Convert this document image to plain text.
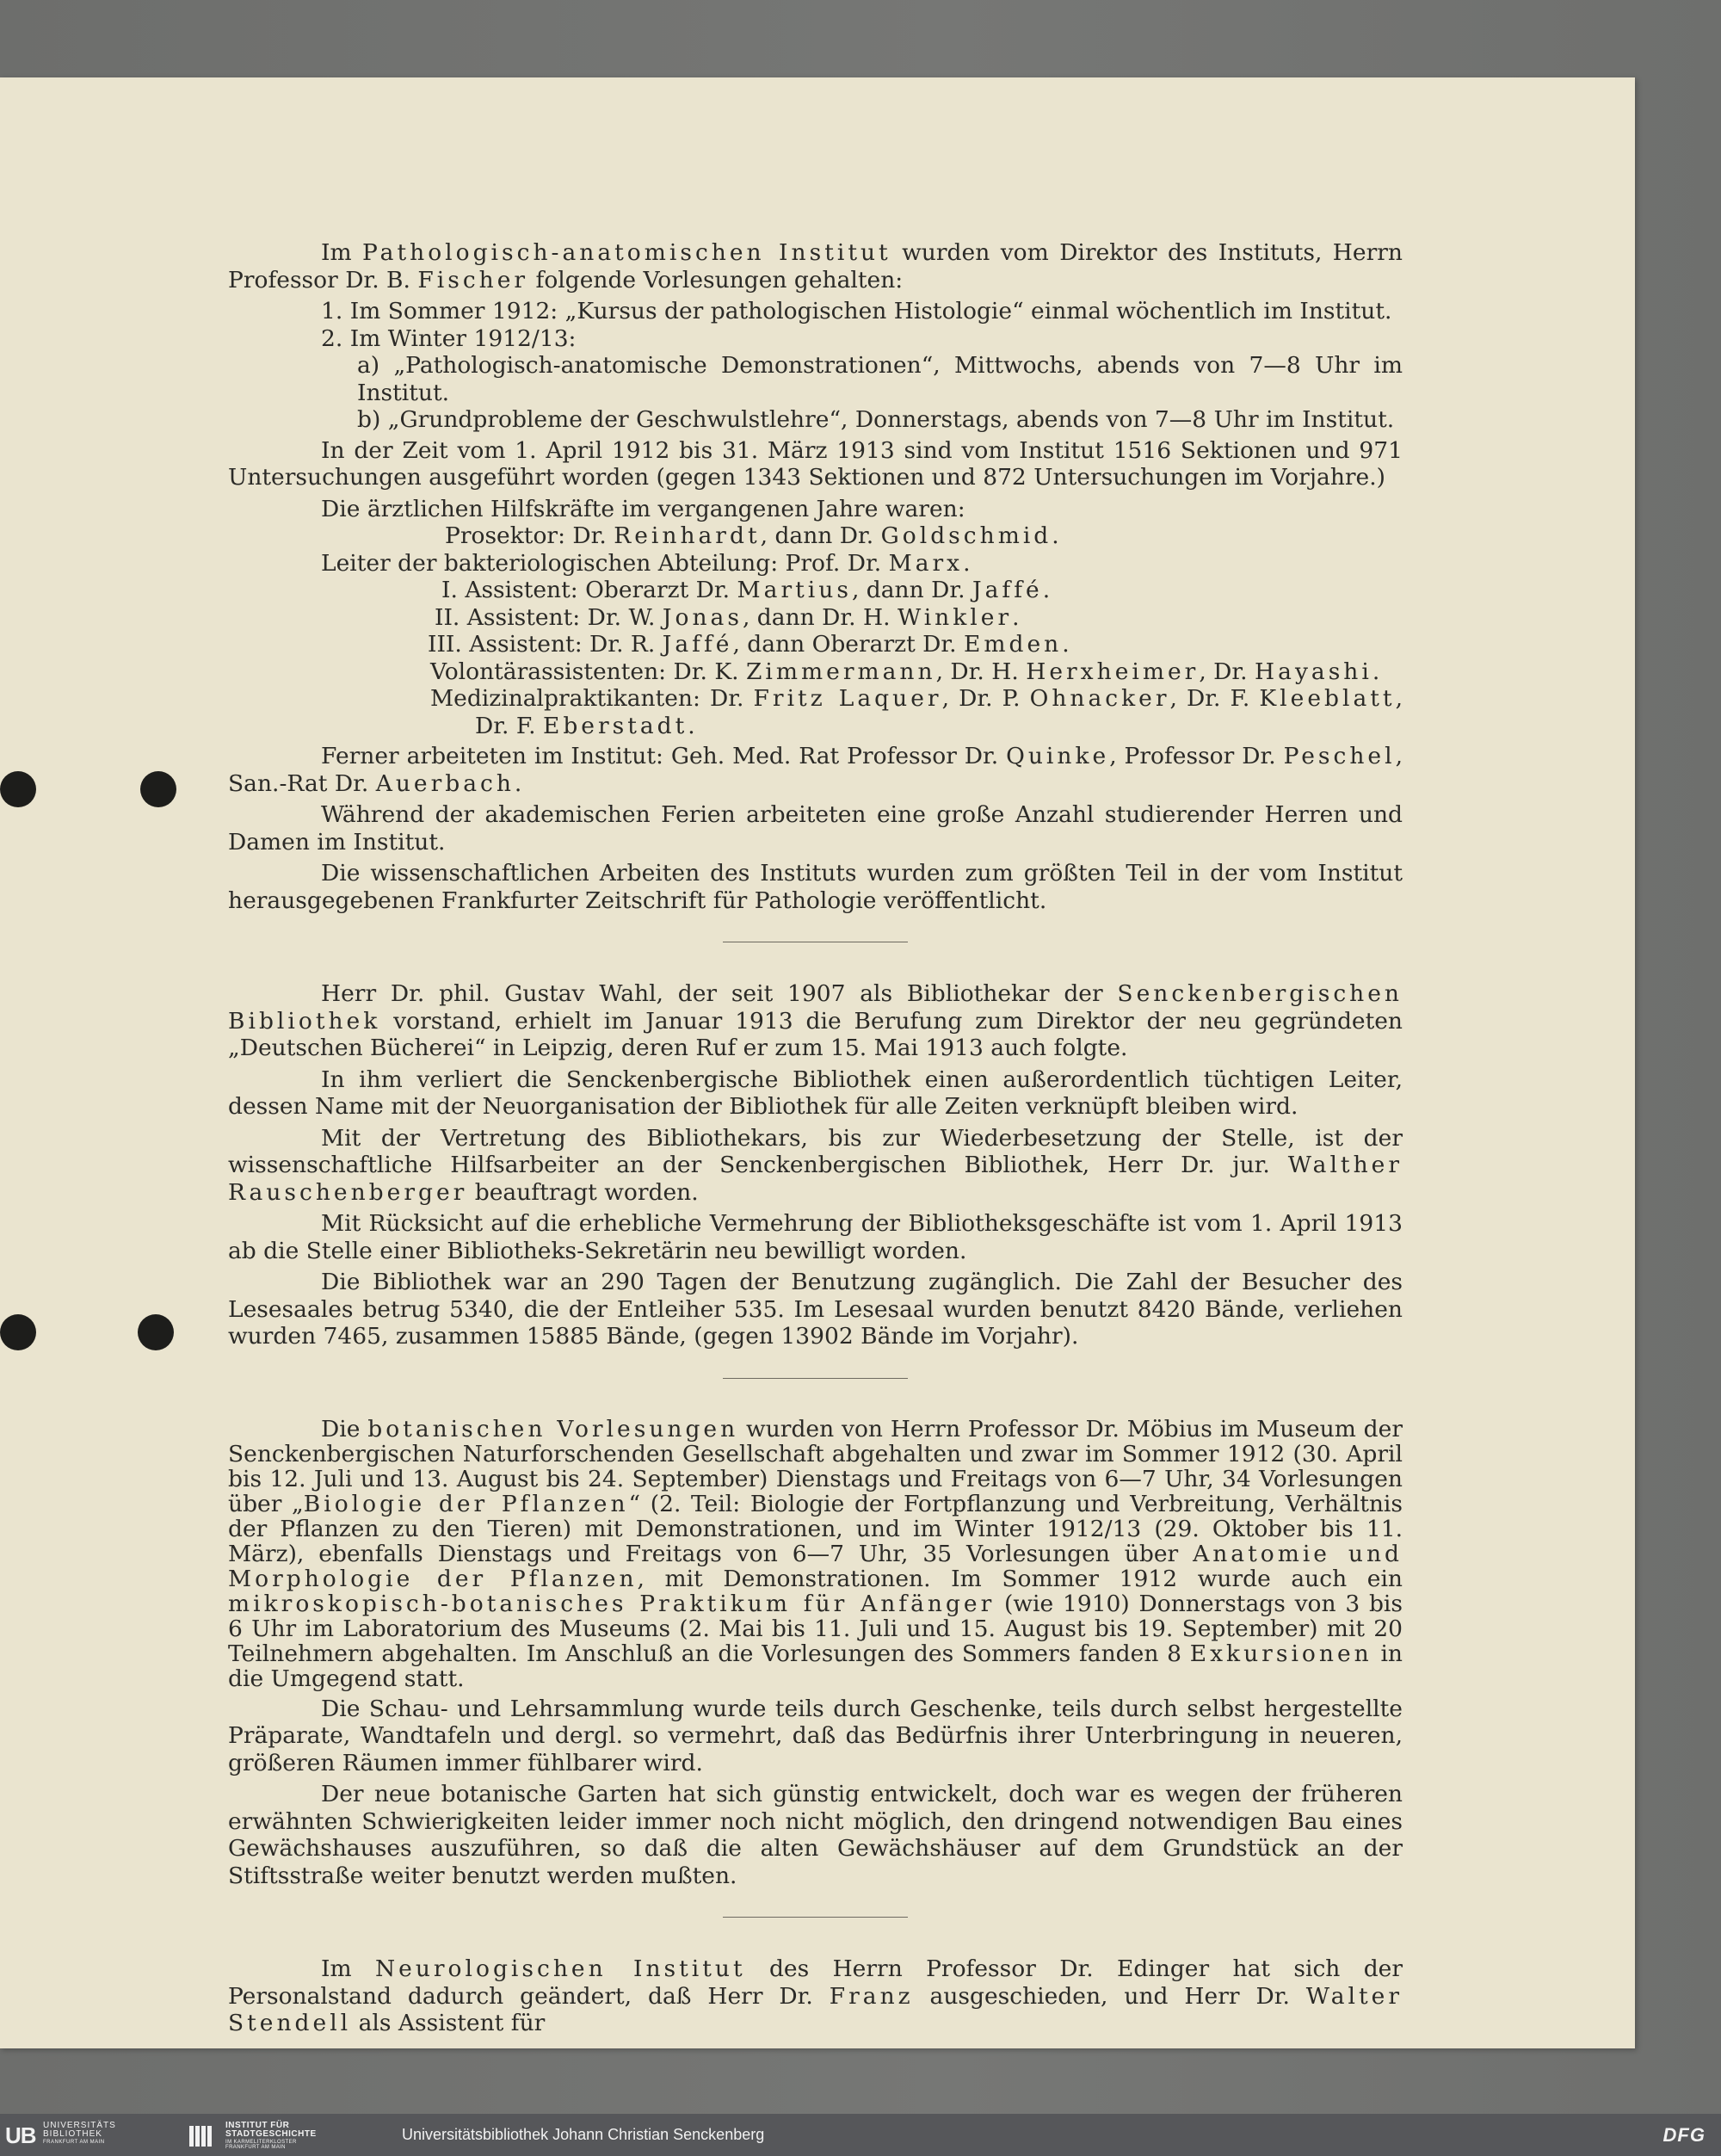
Im Pathologisch-anatomischen Institut wurden vom Direktor des Instituts, Herrn Professor Dr. B. Fischer folgende Vorlesungen gehalten:

1. Im Sommer 1912: „Kursus der pathologischen Histologie“ einmal wöchentlich im Institut.

2. Im Winter 1912/13:

a) „Pathologisch-anatomische Demonstrationen“, Mittwochs, abends von 7—8 Uhr im Institut.

b) „Grundprobleme der Geschwulstlehre“, Donnerstags, abends von 7—8 Uhr im Institut.

In der Zeit vom 1. April 1912 bis 31. März 1913 sind vom Institut 1516 Sektionen und 971 Untersuchungen ausgeführt worden (gegen 1343 Sektionen und 872 Untersuchungen im Vorjahre.)

Die ärztlichen Hilfskräfte im vergangenen Jahre waren:

Prosektor: Dr. Reinhardt, dann Dr. Goldschmid.

Leiter der bakteriologischen Abteilung: Prof. Dr. Marx.

I. Assistent: Oberarzt Dr. Martius, dann Dr. Jaffé.

II. Assistent: Dr. W. Jonas, dann Dr. H. Winkler.

III. Assistent: Dr. R. Jaffé, dann Oberarzt Dr. Emden.

Volontärassistenten: Dr. K. Zimmermann, Dr. H. Herxheimer, Dr. Hayashi.

Medizinalpraktikanten: Dr. Fritz Laquer, Dr. P. Ohnacker, Dr. F. Kleeblatt, Dr. F. Eberstadt.

Ferner arbeiteten im Institut: Geh. Med. Rat Professor Dr. Quinke, Professor Dr. Peschel, San.-Rat Dr. Auerbach.

Während der akademischen Ferien arbeiteten eine große Anzahl studierender Herren und Damen im Institut.

Die wissenschaftlichen Arbeiten des Instituts wurden zum größten Teil in der vom Institut herausgegebenen Frankfurter Zeitschrift für Pathologie veröffentlicht.

Herr Dr. phil. Gustav Wahl, der seit 1907 als Bibliothekar der Senckenbergischen Bibliothek vorstand, erhielt im Januar 1913 die Berufung zum Direktor der neu gegründeten „Deutschen Bücherei“ in Leipzig, deren Ruf er zum 15. Mai 1913 auch folgte.

In ihm verliert die Senckenbergische Bibliothek einen außerordentlich tüchtigen Leiter, dessen Name mit der Neuorganisation der Bibliothek für alle Zeiten verknüpft bleiben wird.

Mit der Vertretung des Bibliothekars, bis zur Wiederbesetzung der Stelle, ist der wissenschaftliche Hilfsarbeiter an der Senckenbergischen Bibliothek, Herr Dr. jur. Walther Rauschenberger beauftragt worden.

Mit Rücksicht auf die erhebliche Vermehrung der Bibliotheksgeschäfte ist vom 1. April 1913 ab die Stelle einer Bibliotheks-Sekretärin neu bewilligt worden.

Die Bibliothek war an 290 Tagen der Benutzung zugänglich. Die Zahl der Besucher des Lesesaales betrug 5340, die der Entleiher 535. Im Lesesaal wurden benutzt 8420 Bände, verliehen wurden 7465, zusammen 15885 Bände, (gegen 13902 Bände im Vorjahr).

Die botanischen Vorlesungen wurden von Herrn Professor Dr. Möbius im Museum der Senckenbergischen Naturforschenden Gesellschaft abgehalten und zwar im Sommer 1912 (30. April bis 12. Juli und 13. August bis 24. September) Dienstags und Freitags von 6—7 Uhr, 34 Vorlesungen über „Biologie der Pflanzen“ (2. Teil: Biologie der Fortpflanzung und Verbreitung, Verhältnis der Pflanzen zu den Tieren) mit Demonstrationen, und im Winter 1912/13 (29. Oktober bis 11. März), ebenfalls Dienstags und Freitags von 6—7 Uhr, 35 Vorlesungen über Anatomie und Morphologie der Pflanzen, mit Demonstrationen. Im Sommer 1912 wurde auch ein mikroskopisch-botanisches Praktikum für Anfänger (wie 1910) Donnerstags von 3 bis 6 Uhr im Laboratorium des Museums (2. Mai bis 11. Juli und 15. August bis 19. September) mit 20 Teilnehmern abgehalten. Im Anschluß an die Vorlesungen des Sommers fanden 8 Exkursionen in die Umgegend statt.

Die Schau- und Lehrsammlung wurde teils durch Geschenke, teils durch selbst hergestellte Präparate, Wandtafeln und dergl. so vermehrt, daß das Bedürfnis ihrer Unterbringung in neueren, größeren Räumen immer fühlbarer wird.

Der neue botanische Garten hat sich günstig entwickelt, doch war es wegen der früheren erwähnten Schwierigkeiten leider immer noch nicht möglich, den dringend notwendigen Bau eines Gewächshauses auszuführen, so daß die alten Gewächshäuser auf dem Grundstück an der Stiftsstraße weiter benutzt werden mußten.

Im Neurologischen Institut des Herrn Professor Dr. Edinger hat sich der Personalstand dadurch geändert, daß Herr Dr. Franz ausgeschieden, und Herr Dr. Walter Stendell als Assistent für

UB UNIVERSITÄTS
BIBLIOTHEK
FRANKFURT AM MAIN
INSTITUT FÜR
STADTGESCHICHTE
IM KARMELITERKLOSTER
FRANKFURT AM MAIN
Universitätsbibliothek Johann Christian Senckenberg	DFG
